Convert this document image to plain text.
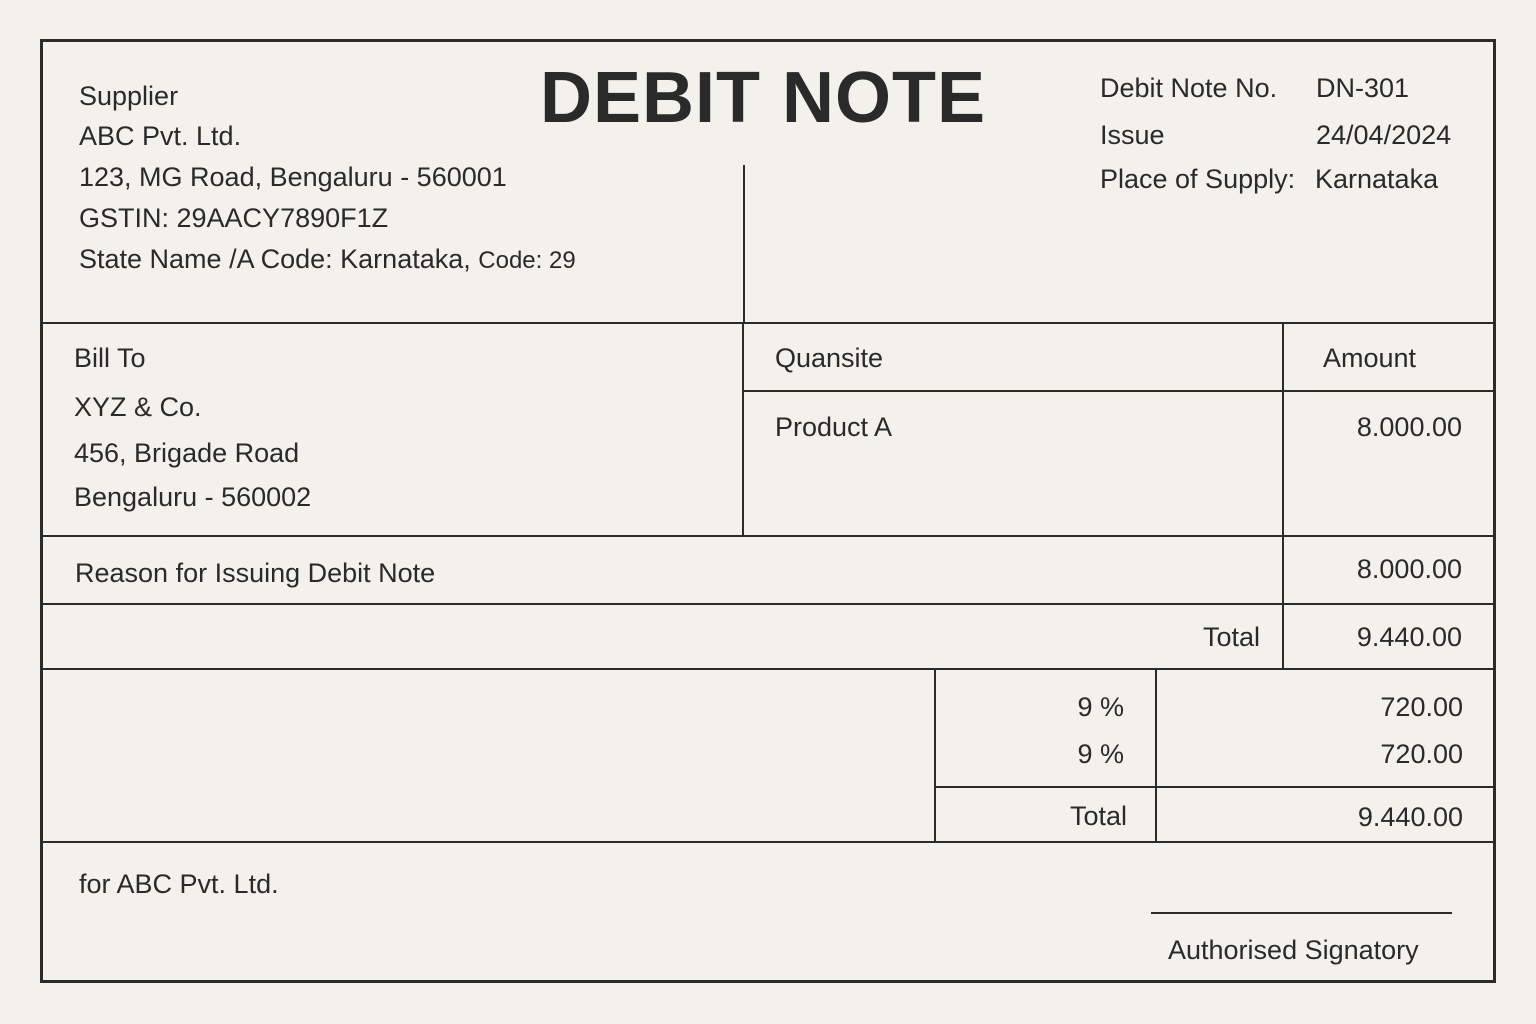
DEBIT NOTE
Supplier
ABC Pvt. Ltd.
123, MG Road, Bengaluru - 560001
GSTIN: 29AACY7890F1Z
State Name /A Code: Karnataka, Code: 29
Debit Note No. DN-301
Issue	24/04/2024
Place of Supply: Karnataka
Bill To
XYZ & Co.
456, Brigade Road
Bengaluru - 560002
Quansite	Amount
Product A	8.000.00
Reason for Issuing Debit Note	8.000.00
Total	9.440.00
9 %	720.00
9 %	720.00
Total	9.440.00
for ABC Pvt. Ltd.
Authorised Signatory
